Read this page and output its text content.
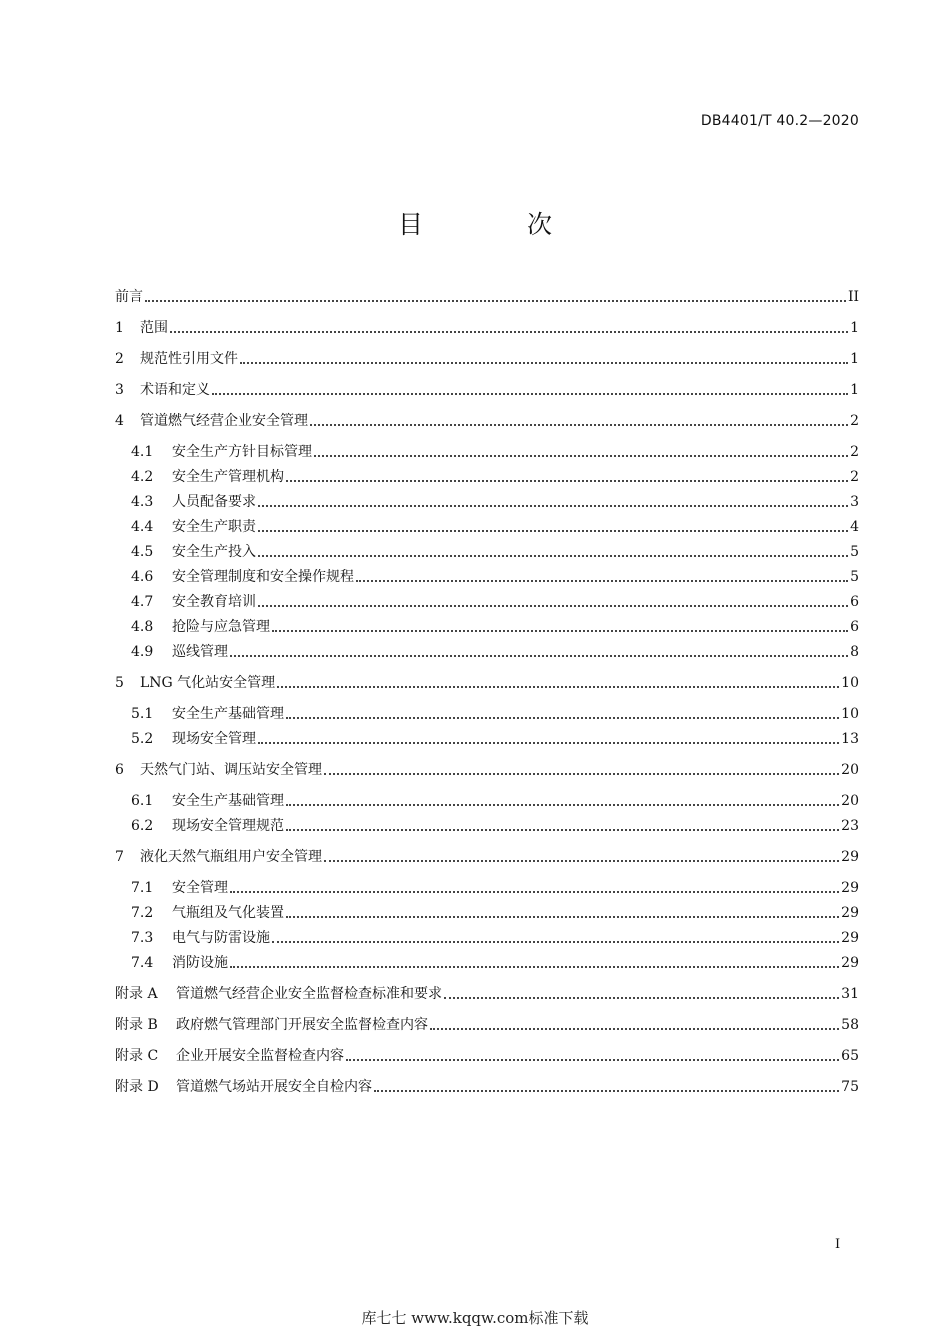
DB4401/T 40.2—2020
目 次
前言	II
1	范围	1
2	规范性引用文件	1
3	术语和定义	1
4	管道燃气经营企业安全管理	2
4.1	安全生产方针目标管理	2
4.2	安全生产管理机构	2
4.3	人员配备要求	3
4.4	安全生产职责	4
4.5	安全生产投入	5
4.6	安全管理制度和安全操作规程	5
4.7	安全教育培训	6
4.8	抢险与应急管理	6
4.9	巡线管理	8
5	LNG 气化站安全管理	10
5.1	安全生产基础管理	10
5.2	现场安全管理	13
6	天然气门站、调压站安全管理	20
6.1	安全生产基础管理	20
6.2	现场安全管理规范	23
7	液化天然气瓶组用户安全管理	29
7.1	安全管理	29
7.2	气瓶组及气化装置	29
7.3	电气与防雷设施	29
7.4	消防设施	29
附录 A	管道燃气经营企业安全监督检查标准和要求	31
附录 B	政府燃气管理部门开展安全监督检查内容	58
附录 C	企业开展安全监督检查内容	65
附录 D	管道燃气场站开展安全自检内容	75
I
库七七 www.kqqw.com标准下载
